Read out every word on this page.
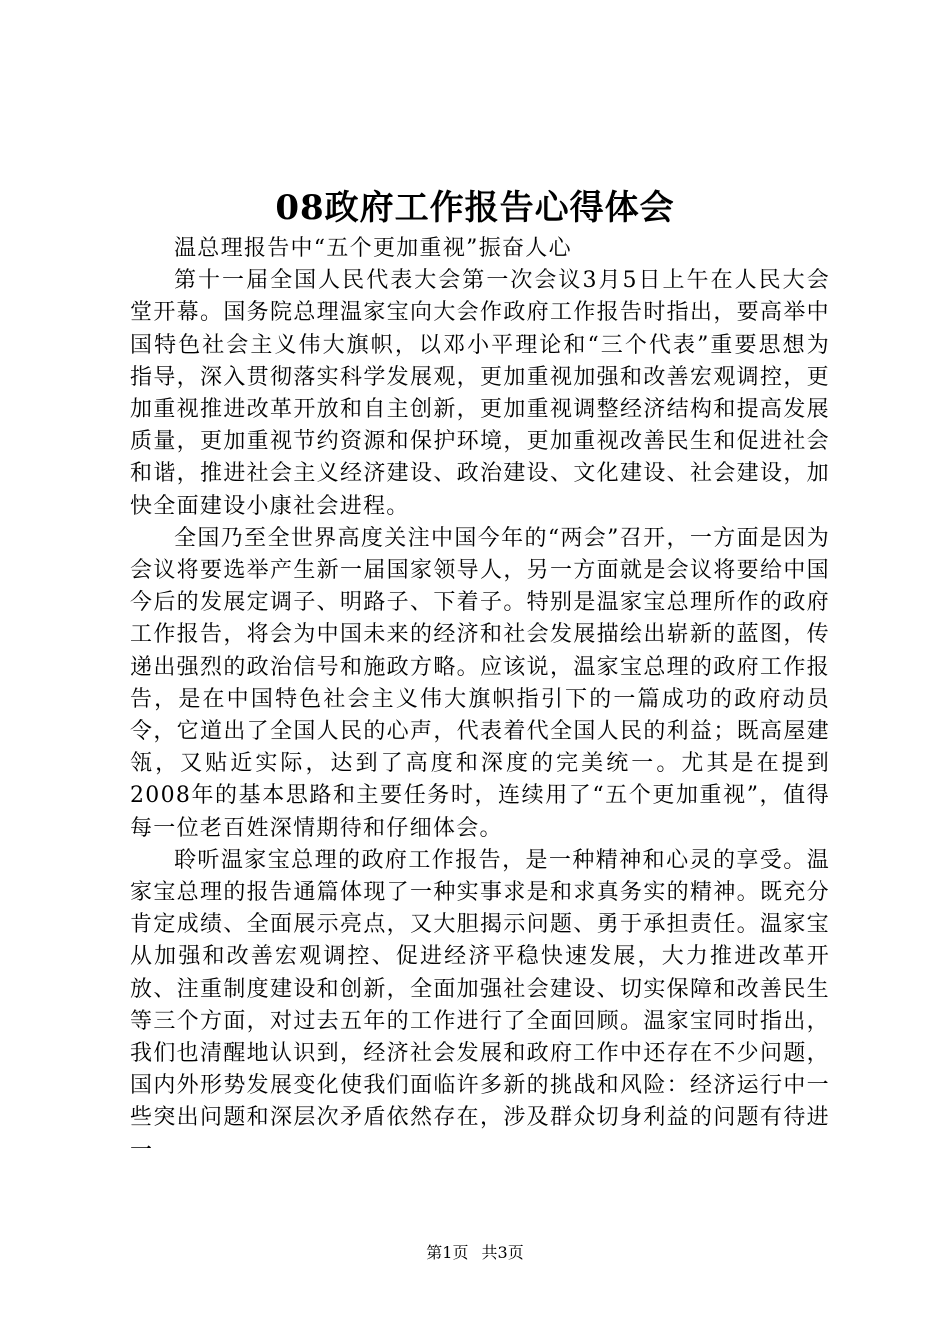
08政府工作报告心得体会

温总理报告中“五个更加重视”振奋人心

第十一届全国人民代表大会第一次会议3月5日上午在人民大会堂开幕。国务院总理温家宝向大会作政府工作报告时指出，要高举中国特色社会主义伟大旗帜，以邓小平理论和“三个代表”重要思想为指导，深入贯彻落实科学发展观，更加重视加强和改善宏观调控，更加重视推进改革开放和自主创新，更加重视调整经济结构和提高发展质量，更加重视节约资源和保护环境，更加重视改善民生和促进社会和谐，推进社会主义经济建设、政治建设、文化建设、社会建设，加快全面建设小康社会进程。

全国乃至全世界高度关注中国今年的“两会”召开，一方面是因为会议将要选举产生新一届国家领导人，另一方面就是会议将要给中国今后的发展定调子、明路子、下着子。特别是温家宝总理所作的政府工作报告，将会为中国未来的经济和社会发展描绘出崭新的蓝图，传递出强烈的政治信号和施政方略。应该说，温家宝总理的政府工作报告，是在中国特色社会主义伟大旗帜指引下的一篇成功的政府动员令，它道出了全国人民的心声，代表着代全国人民的利益；既高屋建瓴，又贴近实际，达到了高度和深度的完美统一。尤其是在提到2008年的基本思路和主要任务时，连续用了“五个更加重视”，值得每一位老百姓深情期待和仔细体会。

聆听温家宝总理的政府工作报告，是一种精神和心灵的享受。温家宝总理的报告通篇体现了一种实事求是和求真务实的精神。既充分肯定成绩、全面展示亮点，又大胆揭示问题、勇于承担责任。温家宝从加强和改善宏观调控、促进经济平稳快速发展，大力推进改革开放、注重制度建设和创新，全面加强社会建设、切实保障和改善民生等三个方面，对过去五年的工作进行了全面回顾。温家宝同时指出，我们也清醒地认识到，经济社会发展和政府工作中还存在不少问题，国内外形势发展变化使我们面临许多新的挑战和风险：经济运行中一些突出问题和深层次矛盾依然存在，涉及群众切身利益的问题有待进一

第1页 共3页
